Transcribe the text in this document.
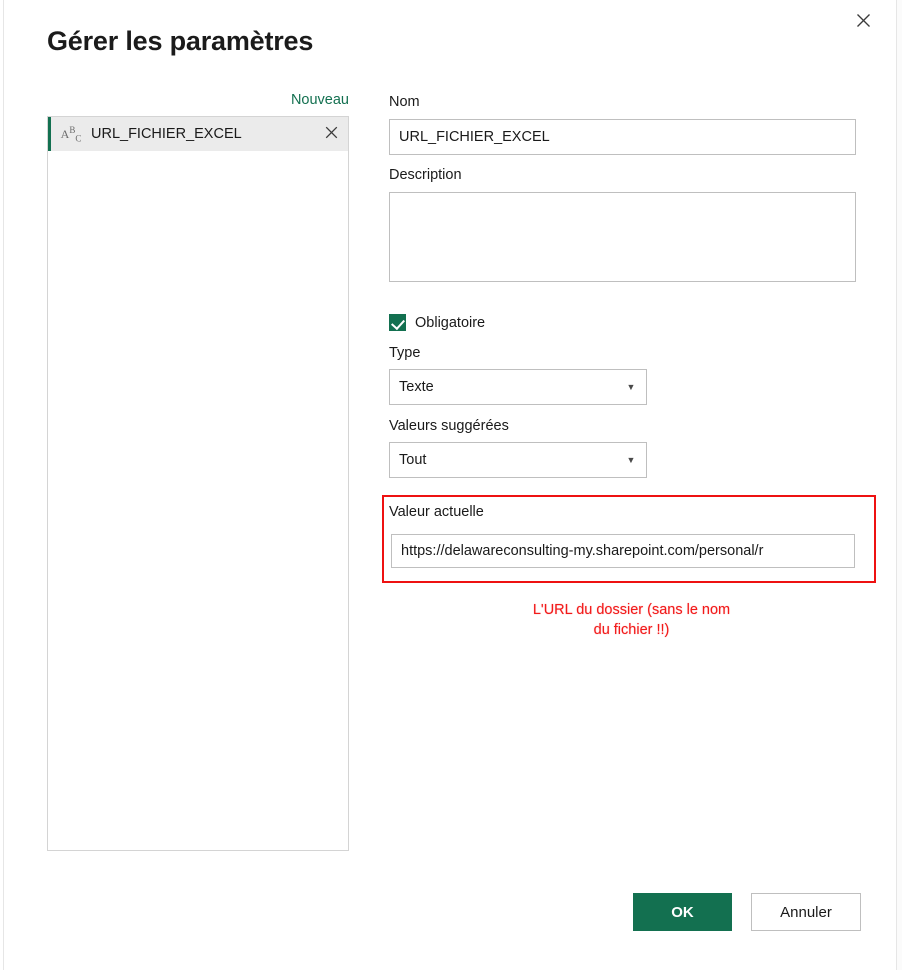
Gérer les paramètres
Nouveau
$A^B_C$ URL_FICHIER_EXCEL
Nom
URL_FICHIER_EXCEL
Description
Obligatoire
Type
Texte	▼
Valeurs suggérées
Tout	▼
Valeur actuelle
https://delawareconsulting-my.sharepoint.com/personal/r
L'URL du dossier (sans le nom
du fichier !!)
OK	Annuler
